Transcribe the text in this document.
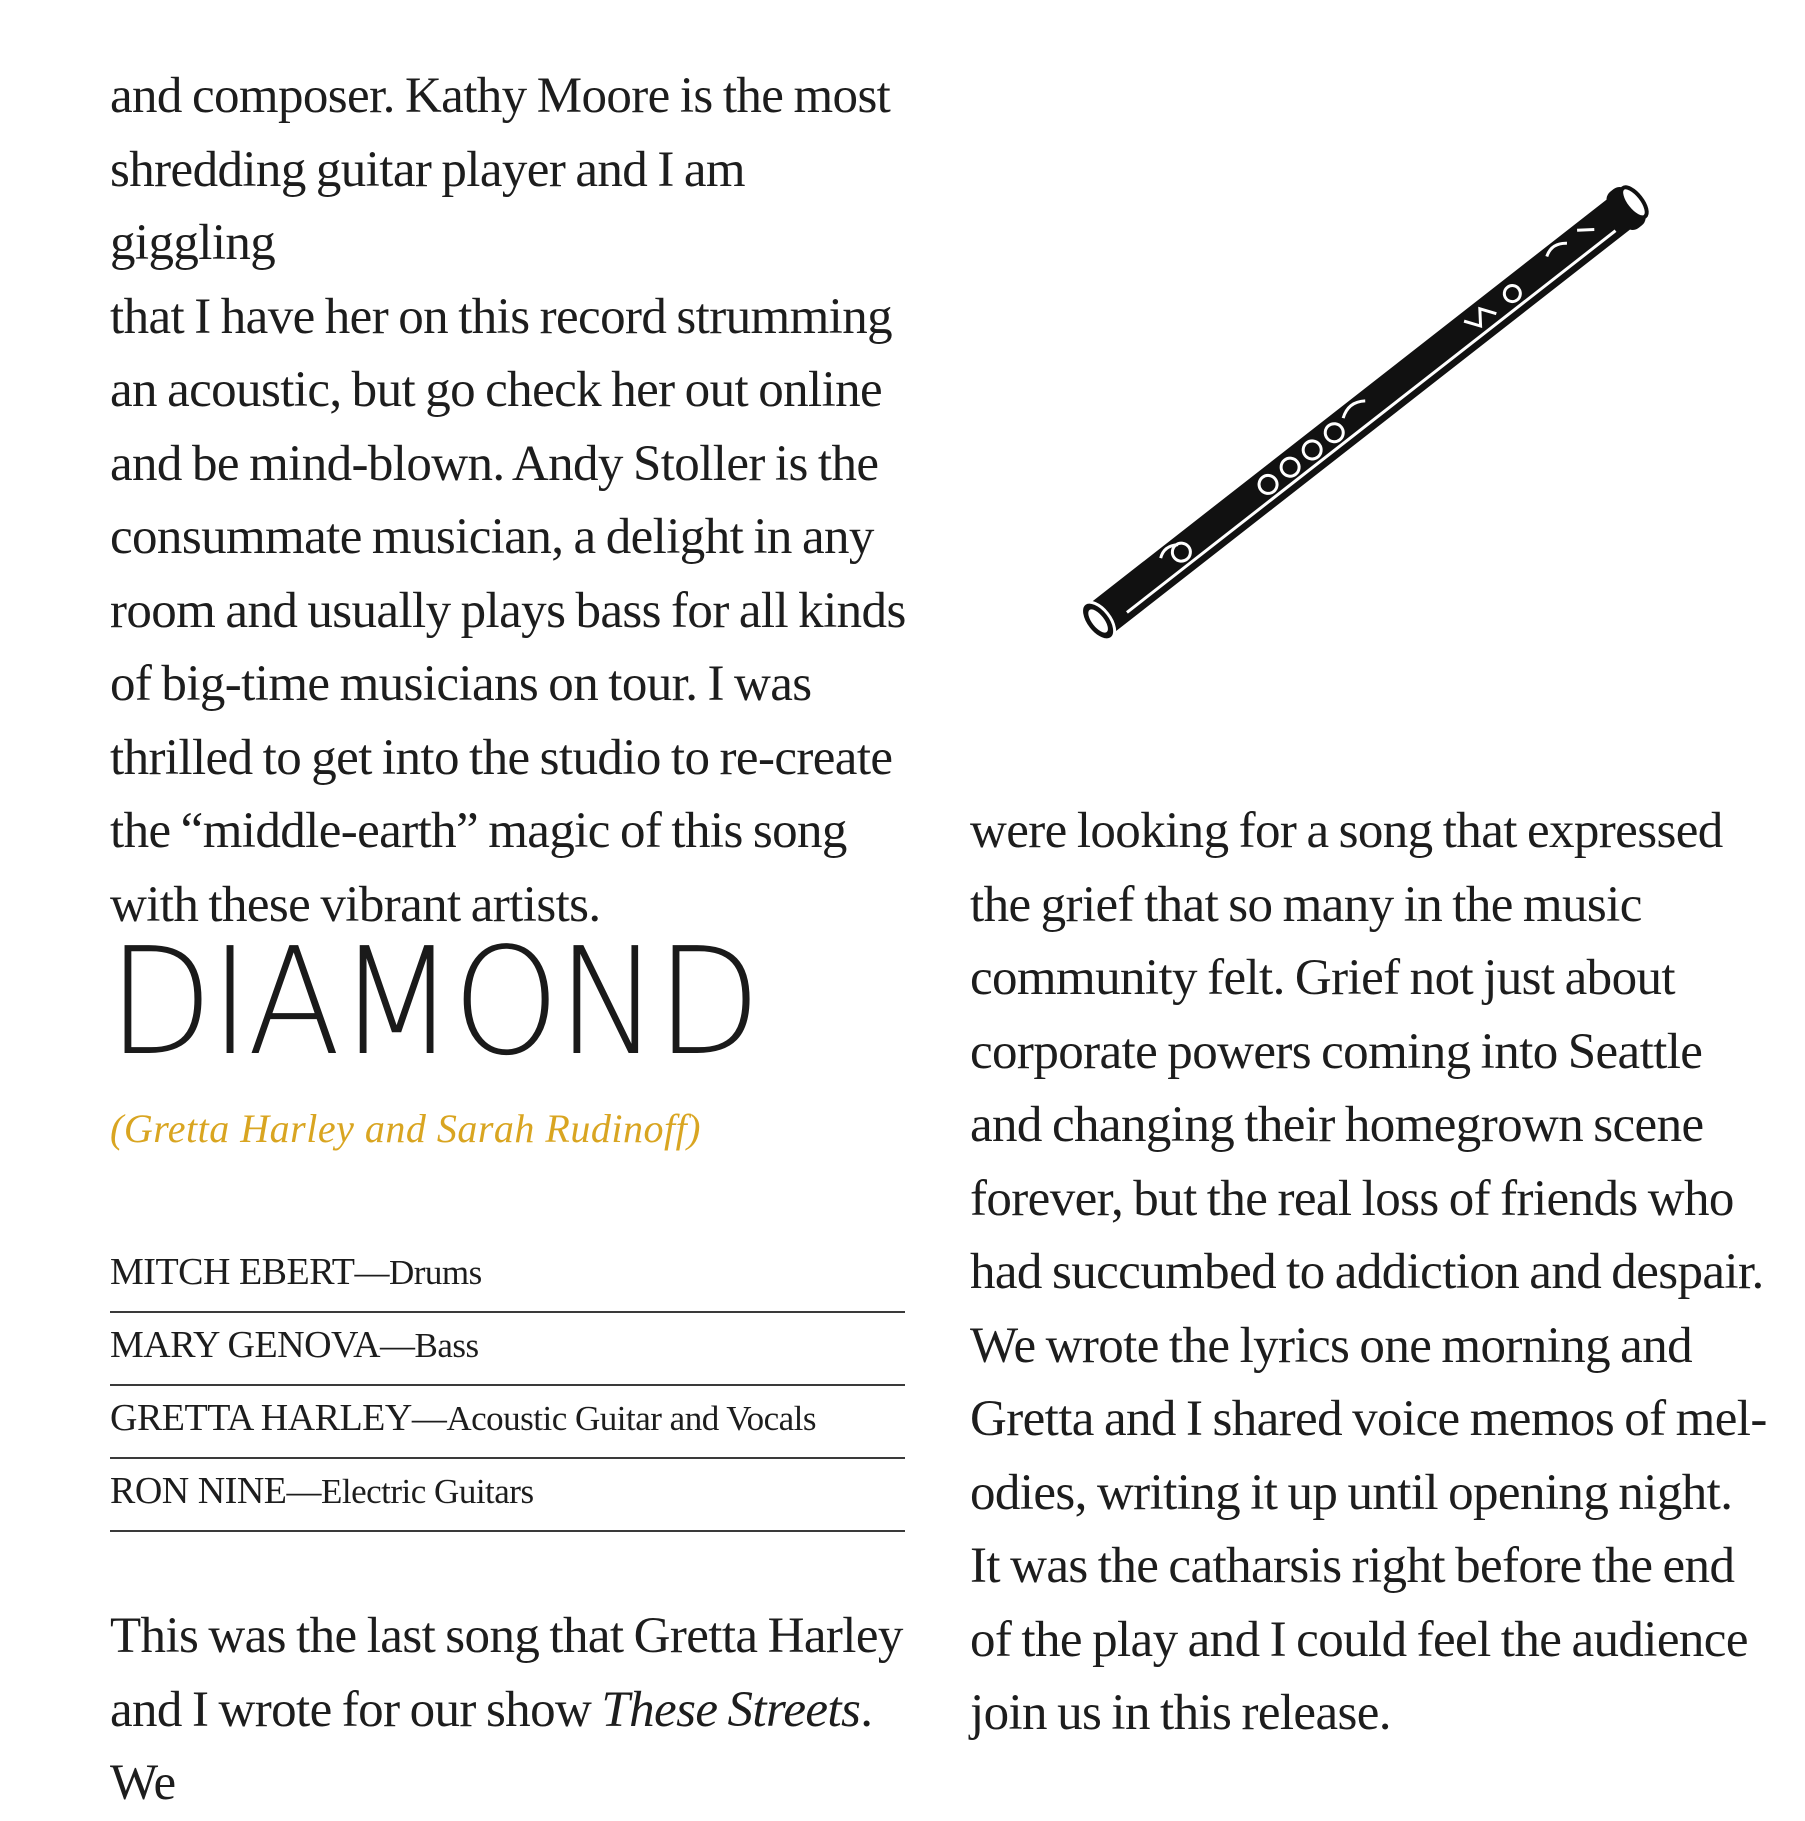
and composer. Kathy Moore is the most
shredding guitar player and I am giggling
that I have her on this record strumming
an acoustic, but go check her out online
and be mind-blown. Andy Stoller is the
consummate musician, a delight in any
room and usually plays bass for all kinds
of big-time musicians on tour. I was
thrilled to get into the studio to re-create
the “middle-earth” magic of this song
with these vibrant artists.

DIAMOND

(Gretta Harley and Sarah Rudinoff)

MITCH EBERT—Drums
MARY GENOVA—Bass
GRETTA HARLEY—Acoustic Guitar and Vocals
RON NINE—Electric Guitars

This was the last song that Gretta Harley
and I wrote for our show These Streets. We

were looking for a song that expressed
the grief that so many in the music
community felt. Grief not just about
corporate powers coming into Seattle
and changing their homegrown scene
forever, but the real loss of friends who
had succumbed to addiction and despair.
We wrote the lyrics one morning and
Gretta and I shared voice memos of mel-
odies, writing it up until opening night.
It was the catharsis right before the end
of the play and I could feel the audience
join us in this release.
